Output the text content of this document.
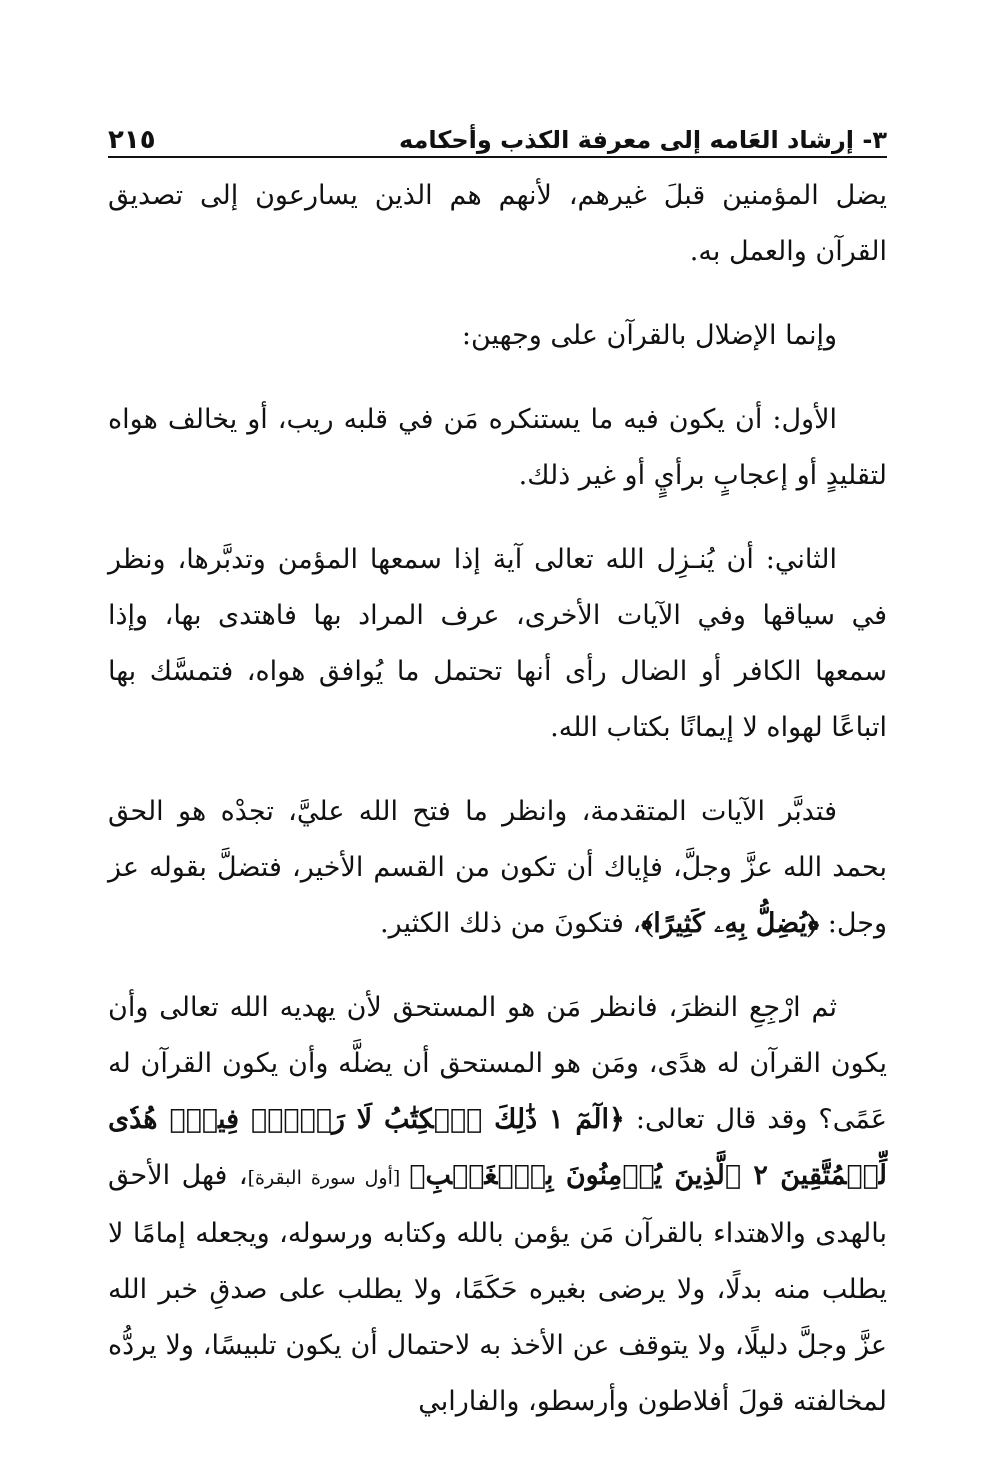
٣- إرشاد العَامه إلى معرفة الكذب وأحكامه
٢١٥

يضل المؤمنين قبلَ غيرهم، لأنهم هم الذين يسارعون إلى تصديق القرآن والعمل به.

وإنما الإضلال بالقرآن على وجهين:

الأول: أن يكون فيه ما يستنكره مَن في قلبه ريب، أو يخالف هواه لتقليدٍ أو إعجابٍ برأيٍ أو غير ذلك.

الثاني: أن يُنـزِل الله تعالى آية إذا سمعها المؤمن وتدبَّرها، ونظر في سياقها وفي الآيات الأخرى، عرف المراد بها فاهتدى بها، وإذا سمعها الكافر أو الضال رأى أنها تحتمل ما يُوافق هواه، فتمسَّك بها اتباعًا لهواه لا إيمانًا بكتاب الله.

فتدبَّر الآيات المتقدمة، وانظر ما فتح الله عليَّ، تجدْه هو الحق بحمد الله عزَّ وجلَّ، فإياك أن تكون من القسم الأخير، فتضلَّ بقوله عز وجل: ﴿يُضِلُّ بِهِۦ كَثِيرًا﴾، فتكونَ من ذلك الكثير.

ثم ارْجِعِ النظرَ، فانظر مَن هو المستحق لأن يهديه الله تعالى وأن يكون القرآن له هدًى، ومَن هو المستحق أن يضلَّه وأن يكون القرآن له عَمًى؟ وقد قال تعالى: ﴿الٓمٓ ١ ذَٰلِكَ ٱلۡكِتَٰبُ لَا رَيۡبَۛ فِيهِۛ هُدٗى لِّلۡمُتَّقِينَ ٢ ٱلَّذِينَ يُؤۡمِنُونَ بِٱلۡغَيۡبِ﴾ [أول سورة البقرة]، فهل الأحق بالهدى والاهتداء بالقرآن مَن يؤمن بالله وكتابه ورسوله، ويجعله إمامًا لا يطلب منه بدلًا، ولا يرضى بغيره حَكَمًا، ولا يطلب على صدقِ خبر الله عزَّ وجلَّ دليلًا، ولا يتوقف عن الأخذ به لاحتمال أن يكون تلبيسًا، ولا يردُّه لمخالفته قولَ أفلاطون وأرسطو، والفارابي
